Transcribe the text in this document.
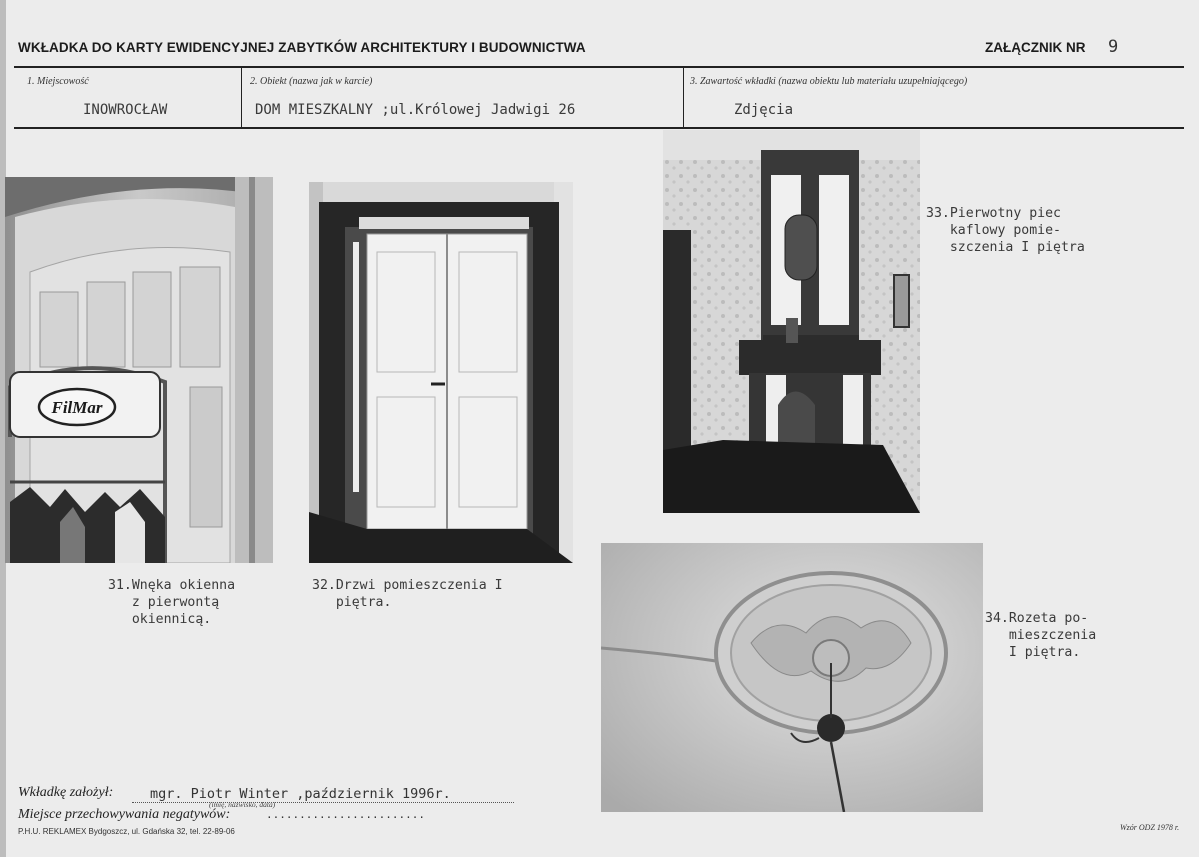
WKŁADKA DO KARTY EWIDENCYJNEJ ZABYTKÓW ARCHITEKTURY I BUDOWNICTWA	ZAŁĄCZNIK NR 9
1. Miejscowość
INOWROCŁAW
2. Obiekt (nazwa jak w karcie)
DOM MIESZKALNY ;ul.Królowej Jadwigi 26
3. Zawartość wkładki (nazwa obiektu lub materiału uzupełniającego)
Zdjęcia
FilMar
31.Wnęka okienna
z pierwontą
okiennicą.
32.Drzwi pomieszczenia I
piętra.
33.Pierwotny piec
kaflowy pomie-
szczenia I piętra
34.Rozeta po-
mieszczenia
I piętra.
Wkładkę założył:	mgr. Piotr Winter ,październik 1996r.
(imię, nazwisko, data)
Miejsce przechowywania negatywów:	........................
P.H.U. REKLAMEX Bydgoszcz, ul. Gdańska 32, tel. 22-89-06	Wzór ODZ 1978 r.
